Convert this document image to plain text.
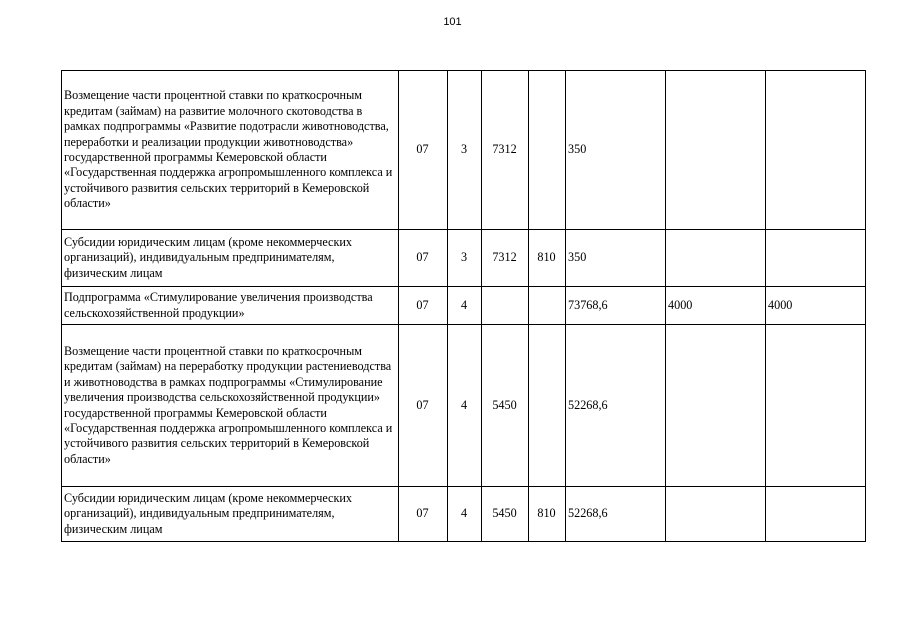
101
Возмещение части процентной ставки по краткосрочным кредитам (займам) на развитие молочного скотоводства в рамках подпрограммы «Развитие подотрасли животноводства, переработки и реализации продукции животноводства» государственной программы Кемеровской области «Государственная поддержка агропромышленного комплекса и устойчивого развития сельских территорий в Кемеровской области»	07	3	7312		350		
Субсидии юридическим лицам (кроме некоммерческих организаций), индивидуальным предпринимателям, физическим лицам	07	3	7312	810	350		
Подпрограмма «Стимулирование увеличения производства сельскохозяйственной продукции»	07	4			73768,6	4000	4000
Возмещение части процентной ставки по краткосрочным кредитам (займам) на переработку продукции растениеводства и животноводства в рамках подпрограммы «Стимулирование увеличения производства сельскохозяйственной продукции» государственной программы Кемеровской области «Государственная поддержка агропромышленного комплекса и устойчивого развития сельских территорий в Кемеровской области»	07	4	5450		52268,6		
Субсидии юридическим лицам (кроме некоммерческих организаций), индивидуальным предпринимателям, физическим лицам	07	4	5450	810	52268,6		
